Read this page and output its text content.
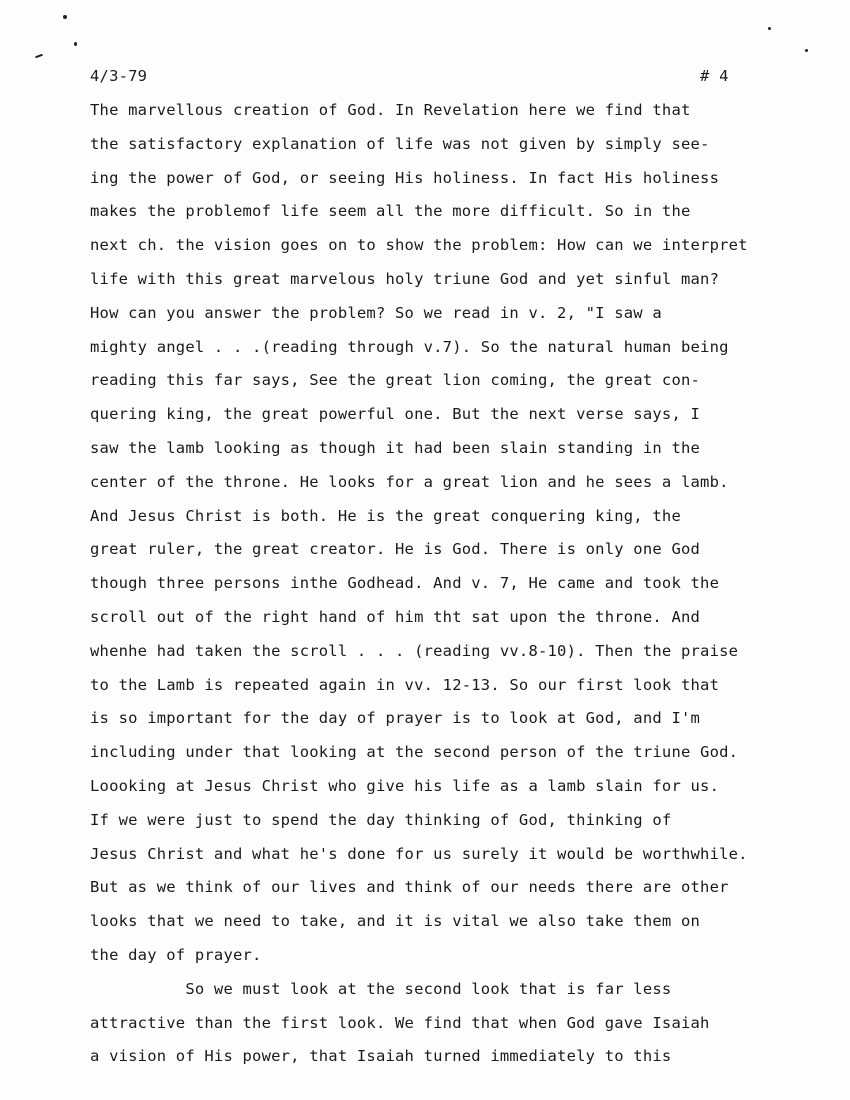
4/3-79	# 4
The marvellous creation of God. In Revelation here we find that
the satisfactory explanation of life was not given by simply see-
ing the power of God, or seeing His holiness. In fact His holiness
makes the problemof life seem all the more difficult. So in the
next ch. the vision goes on to show the problem: How can we interpret
life with this great marvelous holy triune God and yet sinful man?
How can you answer the problem? So we read in v. 2, "I saw a
mighty angel . . .(reading through v.7). So the natural human being
reading this far says, See the great lion coming, the great con-
quering king, the great powerful one. But the next verse says, I
saw the lamb looking as though it had been slain standing in the
center of the throne. He looks for a great lion and he sees a lamb.
And Jesus Christ is both. He is the great conquering king, the
great ruler, the great creator. He is God. There is only one God
though three persons inthe Godhead. And v. 7, He came and took the
scroll out of the right hand of him tht sat upon the throne. And
whenhe had taken the scroll . . . (reading vv.8-10). Then the praise
to the Lamb is repeated again in vv. 12-13. So our first look that
is so important for the day of prayer is to look at God, and I'm
including under that looking at the second person of the triune God.
Loooking at Jesus Christ who give his life as a lamb slain for us.
If we were just to spend the day thinking of God, thinking of
Jesus Christ and what he's done for us surely it would be worthwhile.
But as we think of our lives and think of our needs there are other
looks that we need to take, and it is vital we also take them on
the day of prayer.
So we must look at the second look that is far less
attractive than the first look. We find that when God gave Isaiah
a vision of His power, that Isaiah turned immediately to this
